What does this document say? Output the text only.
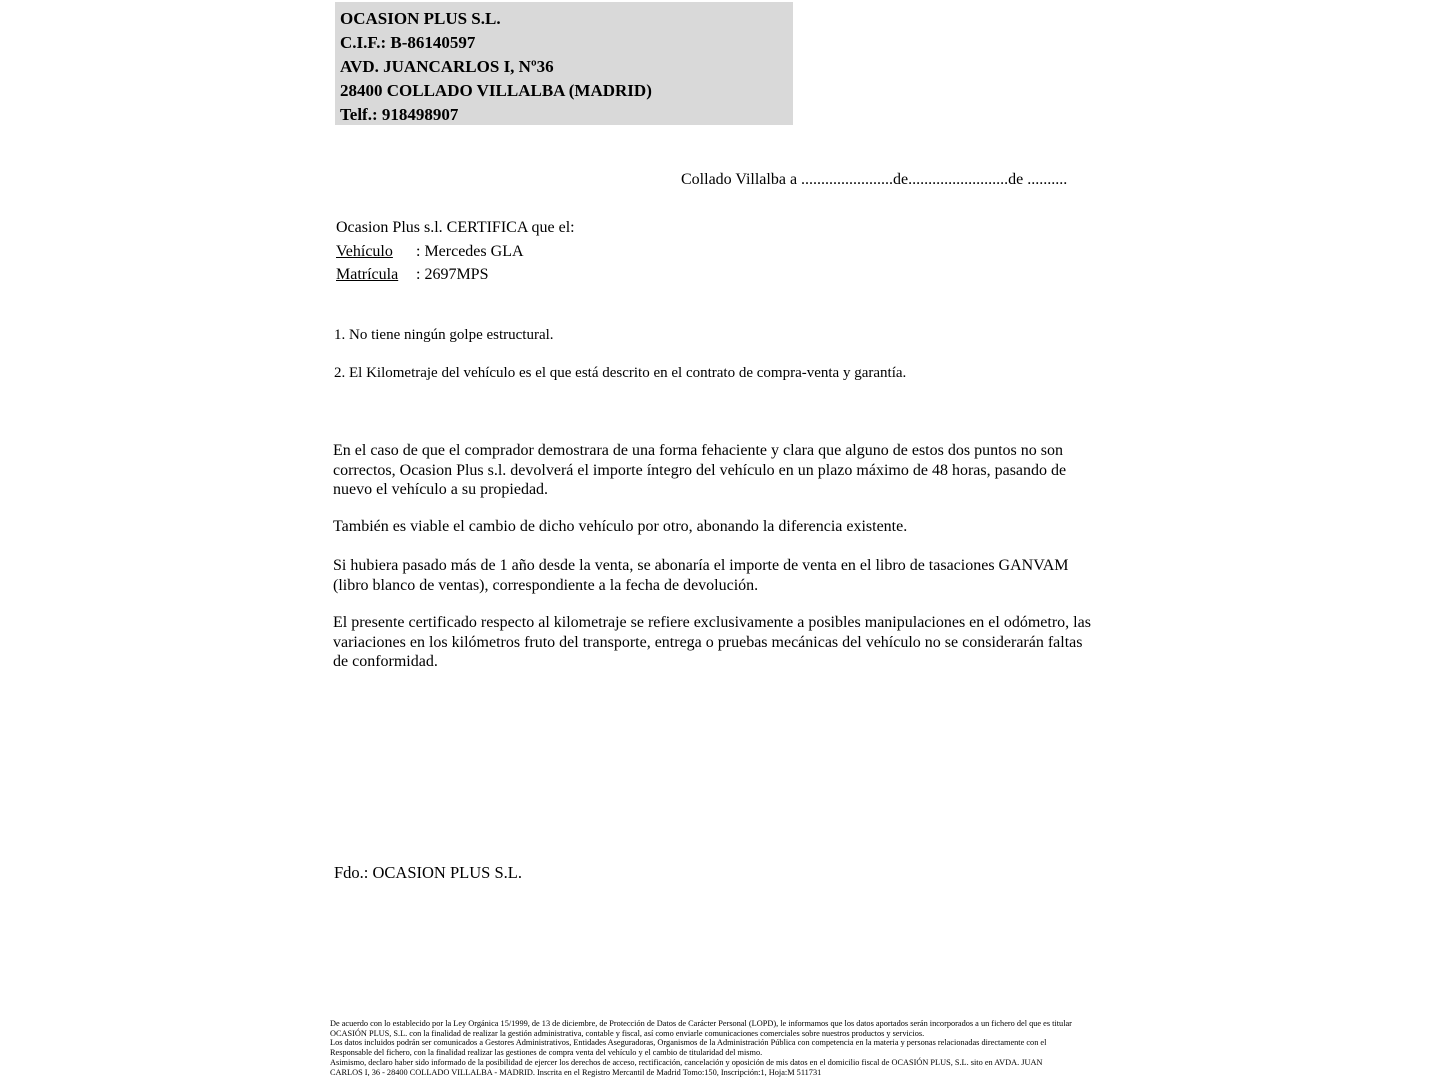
OCASION PLUS S.L.
C.I.F.: B-86140597
AVD. JUANCARLOS I, Nº36
28400 COLLADO VILLALBA (MADRID)
Telf.: 918498907
Collado Villalba a .......................de.........................de ..........
Ocasion Plus s.l. CERTIFICA que el:
Vehículo : Mercedes GLA
Matrícula : 2697MPS
1. No tiene ningún golpe estructural.
2. El Kilometraje del vehículo es el que está descrito en el contrato de compra-venta y garantía.
En el caso de que el comprador demostrara de una forma fehaciente y clara que alguno de estos dos puntos no son correctos, Ocasion Plus s.l. devolverá el importe íntegro del vehículo en un plazo máximo de 48 horas, pasando de nuevo el vehículo a su propiedad.
También es viable el cambio de dicho vehículo por otro, abonando la diferencia existente.
Si hubiera pasado más de 1 año desde la venta, se abonaría el importe de venta en el libro de tasaciones GANVAM (libro blanco de ventas), correspondiente a la fecha de devolución.
El presente certificado respecto al kilometraje se refiere exclusivamente a posibles manipulaciones en el odómetro, las variaciones en los kilómetros fruto del transporte, entrega o pruebas mecánicas del vehículo no se considerarán faltas de conformidad.
Fdo.: OCASION PLUS S.L.
De acuerdo con lo establecido por la Ley Orgánica 15/1999, de 13 de diciembre, de Protección de Datos de Carácter Personal (LOPD), le informamos que los datos aportados serán incorporados a un fichero del que es titular
OCASIÓN PLUS, S.L. con la finalidad de realizar la gestión administrativa, contable y fiscal, así como enviarle comunicaciones comerciales sobre nuestros productos y servicios.
Los datos incluidos podrán ser comunicados a Gestores Administrativos, Entidades Aseguradoras, Organismos de la Administración Pública con competencia en la materia y personas relacionadas directamente con el
Responsable del fichero, con la finalidad realizar las gestiones de compra venta del vehículo y el cambio de titularidad del mismo.
Asimismo, declaro haber sido informado de la posibilidad de ejercer los derechos de acceso, rectificación, cancelación y oposición de mis datos en el domicilio fiscal de OCASIÓN PLUS, S.L. sito en AVDA. JUAN
CARLOS I, 36 - 28400 COLLADO VILLALBA - MADRID. Inscrita en el Registro Mercantil de Madrid Tomo:150, Inscripción:1, Hoja:M 511731
